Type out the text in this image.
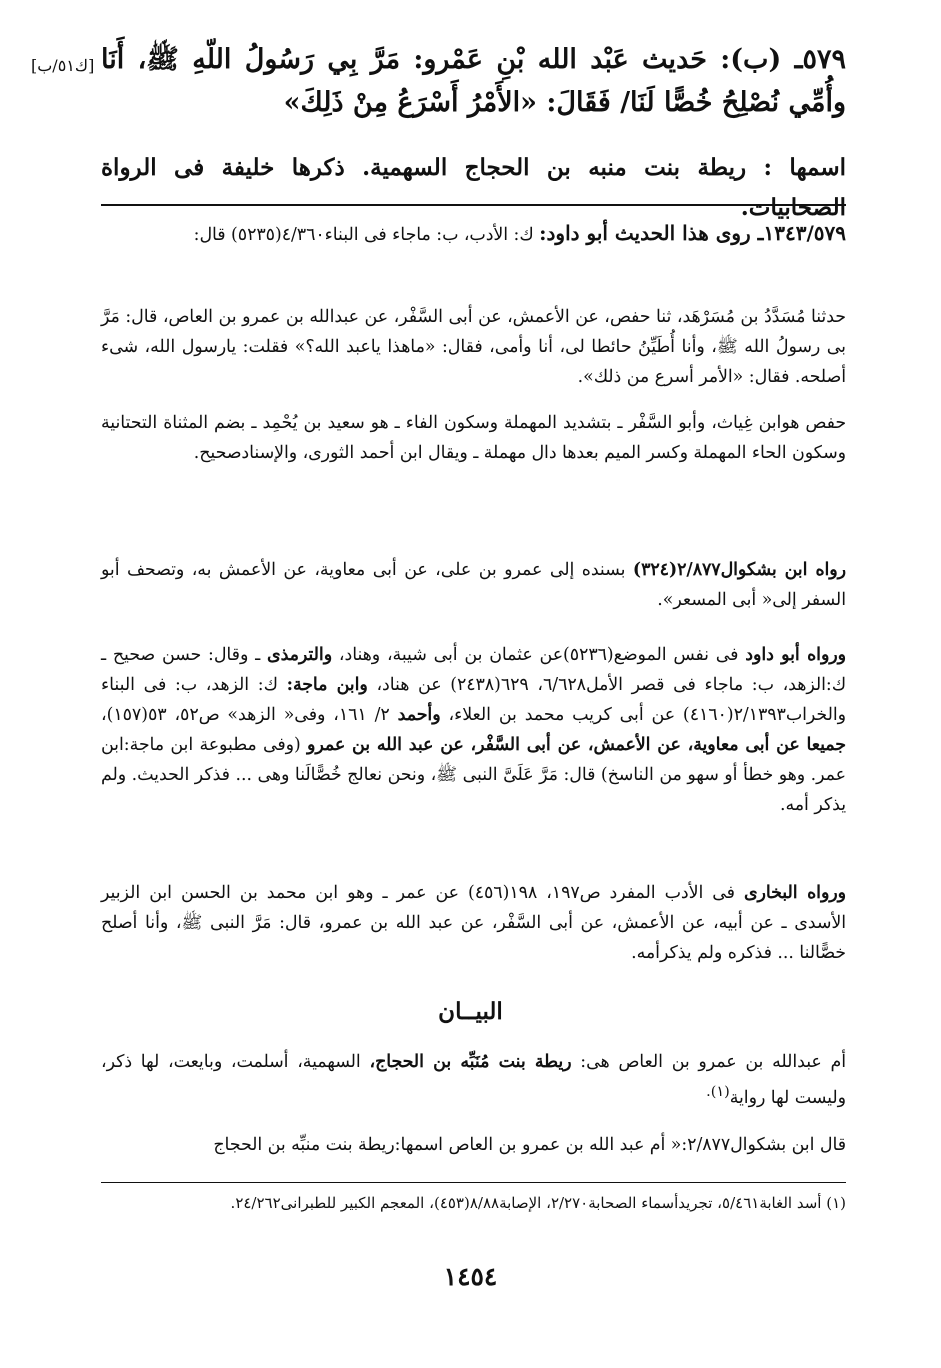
[ك٥١/ب] ٥٧٩ـ (ب): حَديث عَبْد الله بْنِ عَمْرو: مَرَّ بِي رَسُولُ اللّهِ ﷺ، أَنَا وأُمِّي نُصْلِحُ خُصًّا لَنَا/ فَقَالَ: «الأَمْرُ أَسْرَعُ مِنْ ذَلِكَ»
اسمها : ريطة بنت منبه بن الحجاج السهمية. ذكرها خليفة فى الرواة الصحابيات.

١٣٤٣/٥٧٩ـ روى هذا الحديث أبو داود: ك: الأدب، ب: ماجاء فى البناء٤/٣٦٠(٥٢٣٥) قال:

حدثنا مُسَدَّدُ بن مُسَرْهَد، ثنا حفص، عن الأعمش، عن أبى السَّفْر، عن عبدالله بن عمرو بن العاص، قال: مَرَّ بى رسولُ الله ﷺ، وأنا أُطَيِّنُ حائطا لى، أنا وأمى، فقال: «ماهذا ياعبد الله؟» فقلت: يارسول الله، شىء أصلحه. فقال: «الأمر أسرع من ذلك».

حفص هوابن غِياث، وأبو السَّفْر ـ بتشديد المهملة وسكون الفاء ـ هو سعيد بن يُحْمِد ـ بضم المثناة التحتانية وسكون الحاء المهملة وكسر الميم بعدها دال مهملة ـ ويقال ابن أحمد الثورى، والإسنادصحيح.

رواه ابن بشكوال٢/٨٧٧(٣٢٤) بسنده إلى عمرو بن على، عن أبى معاوية، عن الأعمش به، وتصحف أبو السفر إلى« أبى المسعر».

ورواه أبو داود فى نفس الموضع(٥٢٣٦)عن عثمان بن أبى شيبة، وهناد، والترمذى ـ وقال: حسن صحيح ـ ك:الزهد، ب: ماجاء فى قصر الأمل٦/٦٢٨، ٦٢٩(٢٤٣٨) عن هناد، وابن ماجة: ك: الزهد، ب: فى البناء والخراب٢/١٣٩٣(٤١٦٠) عن أبى كريب محمد بن العلاء، وأحمد ٢/ ١٦١، وفى« الزهد» ص٥٢، ٥٣(١٥٧)، جميعا عن أبى معاوية، عن الأعمش، عن أبى السَّفْر، عن عبد الله بن عمرو (وفى مطبوعة ابن ماجة:ابن عمر. وهو خطأ أو سهو من الناسخ) قال: مَرَّ عَلَىَّ النبى ﷺ، ونحن نعالج خُصًّالَنا وهى ... فذكر الحديث. ولم يذكر أمه.

ورواه البخارى فى الأدب المفرد ص١٩٧، ١٩٨(٤٥٦) عن عمر ـ وهو ابن محمد بن الحسن ابن الزبير الأسدى ـ عن أبيه، عن الأعمش، عن أبى السَّفْر، عن عبد الله بن عمرو، قال: مَرَّ النبى ﷺ، وأنا أصلح خصًّالنا ... فذكره ولم يذكرأمه.

البيــان

أم عبدالله بن عمرو بن العاص هى: ريطة بنت مُنَبِّه بن الحجاج، السهمية، أسلمت، وبايعت، لها ذكر، وليست لها رواية$^{(١).}$

قال ابن بشكوال٢/٨٧٧:« أم عبد الله بن عمرو بن العاص اسمها:ريطة بنت منبِّه بن الحجاج

(١) أسد الغابة٥/٤٦١، تجريدأسماء الصحابة٢/٢٧٠، الإصابة٨/٨٨(٤٥٣)، المعجم الكبير للطبرانى٢٤/٢٦٢.

١٤٥٤
